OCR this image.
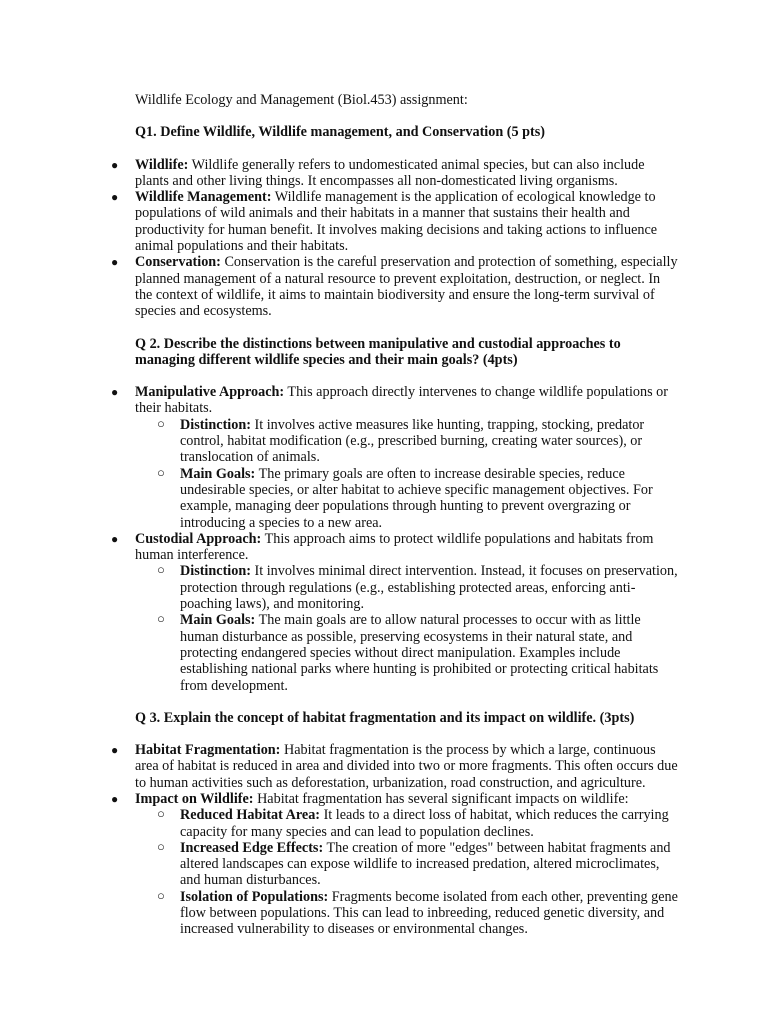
Wildlife Ecology and Management (Biol.453) assignment:

Q1. Define Wildlife, Wildlife management, and Conservation (5 pts)

● Wildlife: Wildlife generally refers to undomesticated animal species, but can also include plants and other living things. It encompasses all non-domesticated living organisms.
● Wildlife Management: Wildlife management is the application of ecological knowledge to populations of wild animals and their habitats in a manner that sustains their health and productivity for human benefit. It involves making decisions and taking actions to influence animal populations and their habitats.
● Conservation: Conservation is the careful preservation and protection of something, especially planned management of a natural resource to prevent exploitation, destruction, or neglect. In the context of wildlife, it aims to maintain biodiversity and ensure the long-term survival of species and ecosystems.

Q 2. Describe the distinctions between manipulative and custodial approaches to managing different wildlife species and their main goals? (4pts)

● Manipulative Approach: This approach directly intervenes to change wildlife populations or their habitats.
○ Distinction: It involves active measures like hunting, trapping, stocking, predator control, habitat modification (e.g., prescribed burning, creating water sources), or translocation of animals.
○ Main Goals: The primary goals are often to increase desirable species, reduce undesirable species, or alter habitat to achieve specific management objectives. For example, managing deer populations through hunting to prevent overgrazing or introducing a species to a new area.
● Custodial Approach: This approach aims to protect wildlife populations and habitats from human interference.
○ Distinction: It involves minimal direct intervention. Instead, it focuses on preservation, protection through regulations (e.g., establishing protected areas, enforcing anti-poaching laws), and monitoring.
○ Main Goals: The main goals are to allow natural processes to occur with as little human disturbance as possible, preserving ecosystems in their natural state, and protecting endangered species without direct manipulation. Examples include establishing national parks where hunting is prohibited or protecting critical habitats from development.

Q 3. Explain the concept of habitat fragmentation and its impact on wildlife. (3pts)

● Habitat Fragmentation: Habitat fragmentation is the process by which a large, continuous area of habitat is reduced in area and divided into two or more fragments. This often occurs due to human activities such as deforestation, urbanization, road construction, and agriculture.
● Impact on Wildlife: Habitat fragmentation has several significant impacts on wildlife:
○ Reduced Habitat Area: It leads to a direct loss of habitat, which reduces the carrying capacity for many species and can lead to population declines.
○ Increased Edge Effects: The creation of more "edges" between habitat fragments and altered landscapes can expose wildlife to increased predation, altered microclimates, and human disturbances.
○ Isolation of Populations: Fragments become isolated from each other, preventing gene flow between populations. This can lead to inbreeding, reduced genetic diversity, and increased vulnerability to diseases or environmental changes.
